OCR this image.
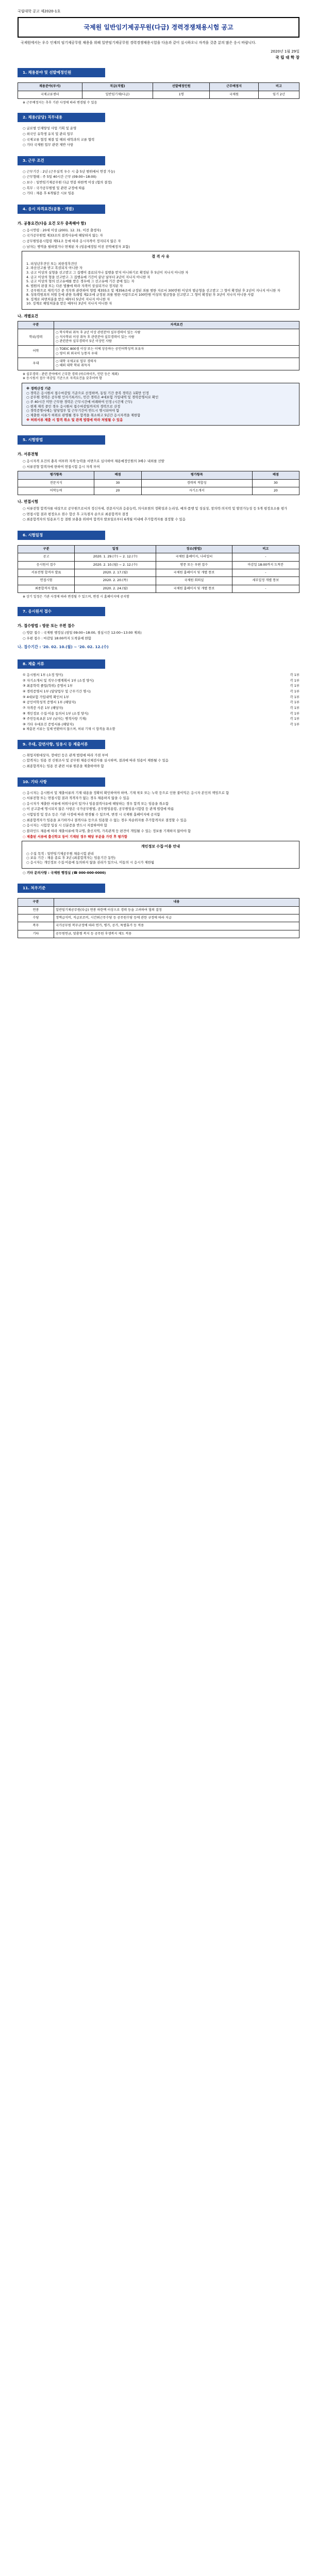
국립대학 공고 제2020-1호
국제원 일반임기제공무원(다급) 경력경쟁채용시험 공고

국제원에서는 우수 인재의 임기제공무원 채용을 위해 일반임기제공무원 경력경쟁채용시험을 다음과 같이 실시하오니 자격을 갖춘 분의 많은 응시 바랍니다.

2020년 1월 29일
국 립 대 학 장
1. 채용분야 및 선발예정인원
채용분야(부서)	직급(직렬)	선발예정인원	근무예정지	비고
국제교류센터	일반임기제(다급)	1명	국제원	임기 2년

※ 근무예정지는 추후 기관 사정에 따라 변경될 수 있음

2. 채용(담당) 직무내용

○ 글로벌 인재양성 사업 기획 및 운영

○ 외국인 유학생 유치 및 관리 업무

○ 국제교류 협정 체결 및 해외 대학과의 교류 협력

○ 기타 국제원 업무 관련 제반 사항

3. 근무 조건

○ 근무기간 : 2년 (근무실적 우수 시 총 5년 범위에서 연장 가능)

○ 근무형태 : 주 5일 40시간 근무 (09:00~18:00)

○ 보수 : 일반임기제공무원 다급 연봉 하한액 이상 (협의 결정)

○ 복무 : 국가공무원법 및 관련 규정에 따름

○ 기타 : 채용 후 6개월간 시보 임용

4. 응시 자격요건(공통 · 개별)
가. 공통요건(다음 요건 모두 충족해야 함)

○ 응시연령 : 20세 이상 (2001. 12. 31. 이전 출생자)

○ 국가공무원법 제33조의 결격사유에 해당하지 않는 자

○ 공무원임용시험령 제51조 등에 따라 응시자격이 정지되지 않은 자

○ 남자는 병역을 필하였거나 면제된 자 (임용예정일 이전 전역예정자 포함)

결 격 사 유

1. 피성년후견인 또는 피한정후견인

2. 파산선고를 받고 복권되지 아니한 자

3. 금고 이상의 실형을 선고받고 그 집행이 종료되거나 집행을 받지 아니하기로 확정된 후 5년이 지나지 아니한 자

4. 금고 이상의 형을 선고받고 그 집행유예 기간이 끝난 날부터 2년이 지나지 아니한 자

5. 금고 이상의 형의 선고유예를 받은 경우에 그 선고유예 기간 중에 있는 자

6. 법원의 판결 또는 다른 법률에 따라 자격이 상실되거나 정지된 자

7. 공무원으로 재직기간 중 직무와 관련하여 형법 제355조 및 제356조에 규정된 죄를 범한 자로서 300만원 이상의 벌금형을 선고받고 그 형이 확정된 후 2년이 지나지 아니한 자

8. 성폭력범죄의 처벌 등에 관한 특례법 제2조에 규정된 죄를 범한 사람으로서 100만원 이상의 벌금형을 선고받고 그 형이 확정된 후 3년이 지나지 아니한 사람

9. 징계로 파면처분을 받은 때부터 5년이 지나지 아니한 자

10. 징계로 해임처분을 받은 때부터 3년이 지나지 아니한 자

나. 개별요건
구분	자격요건
학위/경력	○ 학사학위 취득 후 2년 이상 관련분야 실무경력이 있는 사람
○ 석사학위 이상 취득 후 관련분야 실무경력이 있는 사람
○ 관련분야 실무경력이 5년 이상인 사람
어학	○ TOEIC 800점 이상 또는 이에 상응하는 공인어학성적 보유자
○ 영어 외 외국어 능통자 우대
우대	○ 대학 국제교류 업무 경력자
○ 해외 대학 학위 취득자

※ 실무경력 : 관련 분야에서 근무한 경력 (아르바이트, 인턴 등은 제외)

※ 응시원서 접수 마감일 기준으로 자격요건을 갖추어야 함

※ 경력산정 기준

○ 경력은 응시원서 접수마감일 기준으로 산정하며, 동일 기간 중복 경력은 1회만 인정

○ 공무원 경력은 공무원 인사기록카드, 민간 경력은 4대보험 가입내역 및 경력증명서로 확인

○ 주 40시간 미만 근무한 경력은 근무시간에 비례하여 인정 (시간제 근무)

○ 현재 재직 중인 경우 응시원서 접수마감일까지의 경력으로 산정

○ 경력증명서에는 담당업무 및 근무기간이 반드시 명시되어야 함

○ 제출한 서류가 허위로 판명될 경우 합격을 취소하고 5년간 응시자격을 제한함

※ 허위서류 제출 시 합격 취소 및 관계 법령에 따라 처벌될 수 있음

5. 시험방법
가. 서류전형

○ 응시자격 요건의 충족 여부와 자격·능력을 서면으로 심사하여 채용예정인원의 3배수 내외를 선발

○ 서류전형 합격자에 한하여 면접시험 응시 자격 부여

평가항목	배점	평가항목	배점
전문지식	30	경력의 적합성	30
어학능력	20	자기소개서	20
나. 면접시험

○ 서류전형 합격자를 대상으로 공무원으로서의 정신자세, 전문지식과 응용능력, 의사표현의 정확성과 논리성, 예의·품행 및 성실성, 창의력·의지력 및 발전가능성 등 5개 평정요소를 평가

○ 면접시험 결과 평정요소 점수 합산 후 고득점자 순으로 최종합격자 결정

○ 최종합격자의 임용포기 등 결원 보충을 위하여 합격자 발표일로부터 6개월 이내에 추가합격자를 결정할 수 있음

6. 시험일정
구분	일정	장소(방법)	비고
공고	2020. 1. 29.(수) ~ 2. 12.(수)	국제원 홈페이지, 나라일터	-
응시원서 접수	2020. 2. 10.(월) ~ 2. 12.(수)	방문 또는 우편 접수	마감일 18:00까지 도착분
서류전형 합격자 발표	2020. 2. 17.(월)	국제원 홈페이지 및 개별 통보	-
면접시험	2020. 2. 20.(목)	국제원 회의실	세부일정 개별 통보
최종합격자 발표	2020. 2. 24.(월)	국제원 홈페이지 및 개별 통보	-

※ 상기 일정은 기관 사정에 따라 변경될 수 있으며, 변경 시 홈페이지에 공지함

7. 응시원서 접수
가. 접수방법 : 방문 또는 우편 접수

○ 방문 접수 : 국제원 행정실 (평일 09:00~18:00, 점심시간 12:00~13:00 제외)

○ 우편 접수 : 마감일 18:00까지 도착분에 한함

나. 접수기간 : '20. 02. 10.(월) ~ '20. 02. 12.(수)
8. 제출 서류
① 응시원서 1부 (소정 양식)	각 1부
② 자기소개서 및 직무수행계획서 1부 (소정 양식)	각 1부
③ 최종학력 졸업(학위) 증명서 1부	각 1부
④ 경력증명서 1부 (담당업무 및 근무기간 명시)	각 1부
⑤ 4대보험 가입내역 확인서 1부	각 1부
⑥ 공인어학성적 증명서 1부 (해당자)	각 1부
⑦ 자격증 사본 1부 (해당자)	각 1부
⑧ 개인정보 수집·이용 동의서 1부 (소정 양식)	각 1부
⑨ 주민등록초본 1부 (남자는 병적사항 기재)	각 1부
⑩ 기타 우대요건 증빙서류 (해당자)	각 1부

※ 제출된 서류는 일체 반환하지 않으며, 허위 기재 시 합격을 취소함

9. 우대, 감면사항, 임용시 등 제출서류

○ 취업지원대상자, 장애인 등은 관계 법령에 따라 가점 부여

○ 합격자는 임용 전 신원조사 및 공무원 채용신체검사를 실시하며, 결과에 따라 임용이 제한될 수 있음

○ 최종합격자는 임용 전 관련 서류 원본을 제출하여야 함

10. 기타 사항

○ 응시자는 응시원서 및 제출서류의 기재 내용을 정확히 확인하여야 하며, 기재 착오 또는 누락 등으로 인한 불이익은 응시자 본인의 책임으로 함

○ 서류전형 또는 면접시험 결과 적격자가 없는 경우 채용하지 않을 수 있음

○ 응시자가 제출한 서류에 허위사실이 있거나 임용결격사유에 해당하는 경우 합격 또는 임용을 취소함

○ 이 공고문에 명시되지 않은 사항은 국가공무원법, 공무원임용령, 공무원임용시험령 등 관계 법령에 따름

○ 시험일정 및 장소 등은 기관 사정에 따라 변경될 수 있으며, 변경 시 국제원 홈페이지에 공지함

○ 최종합격자가 임용을 포기하거나 결격사유 등으로 임용할 수 없는 경우 차순위자를 추가합격자로 결정할 수 있음

○ 응시자는 시험장 입실 시 신분증을 반드시 지참하여야 함

○ 블라인드 채용에 따라 제출서류에 학교명, 출신지역, 가족관계 등 편견이 개입될 수 있는 정보를 기재하지 않아야 함

○ 제출된 서류에 출신학교 등이 기재된 경우 해당 부분을 가린 후 평가함

개인정보 수집·이용 안내

○ 수집 목적 : 일반임기제공무원 채용시험 관리

○ 보유 기간 : 채용 종료 후 3년 (최종합격자는 임용기간 동안)

○ 응시자는 개인정보 수집·이용에 동의하지 않을 권리가 있으나, 미동의 시 응시가 제한됨

○ 기타 문의사항 : 국제원 행정실 (☎ 000-000-0000)

11. 처우기준
구분	내용
연봉	일반임기제공무원(다급) 연봉 하한액 이상으로 경력 등을 고려하여 협의 결정
수당	정액급식비, 직급보조비, 시간외근무수당 등 공무원수당 등에 관한 규정에 따라 지급
복무	국가공무원 복무규정에 따라 연가, 병가, 공가, 특별휴가 등 적용
기타	공무원연금, 맞춤형 복지 등 공무원 후생복지 제도 적용
